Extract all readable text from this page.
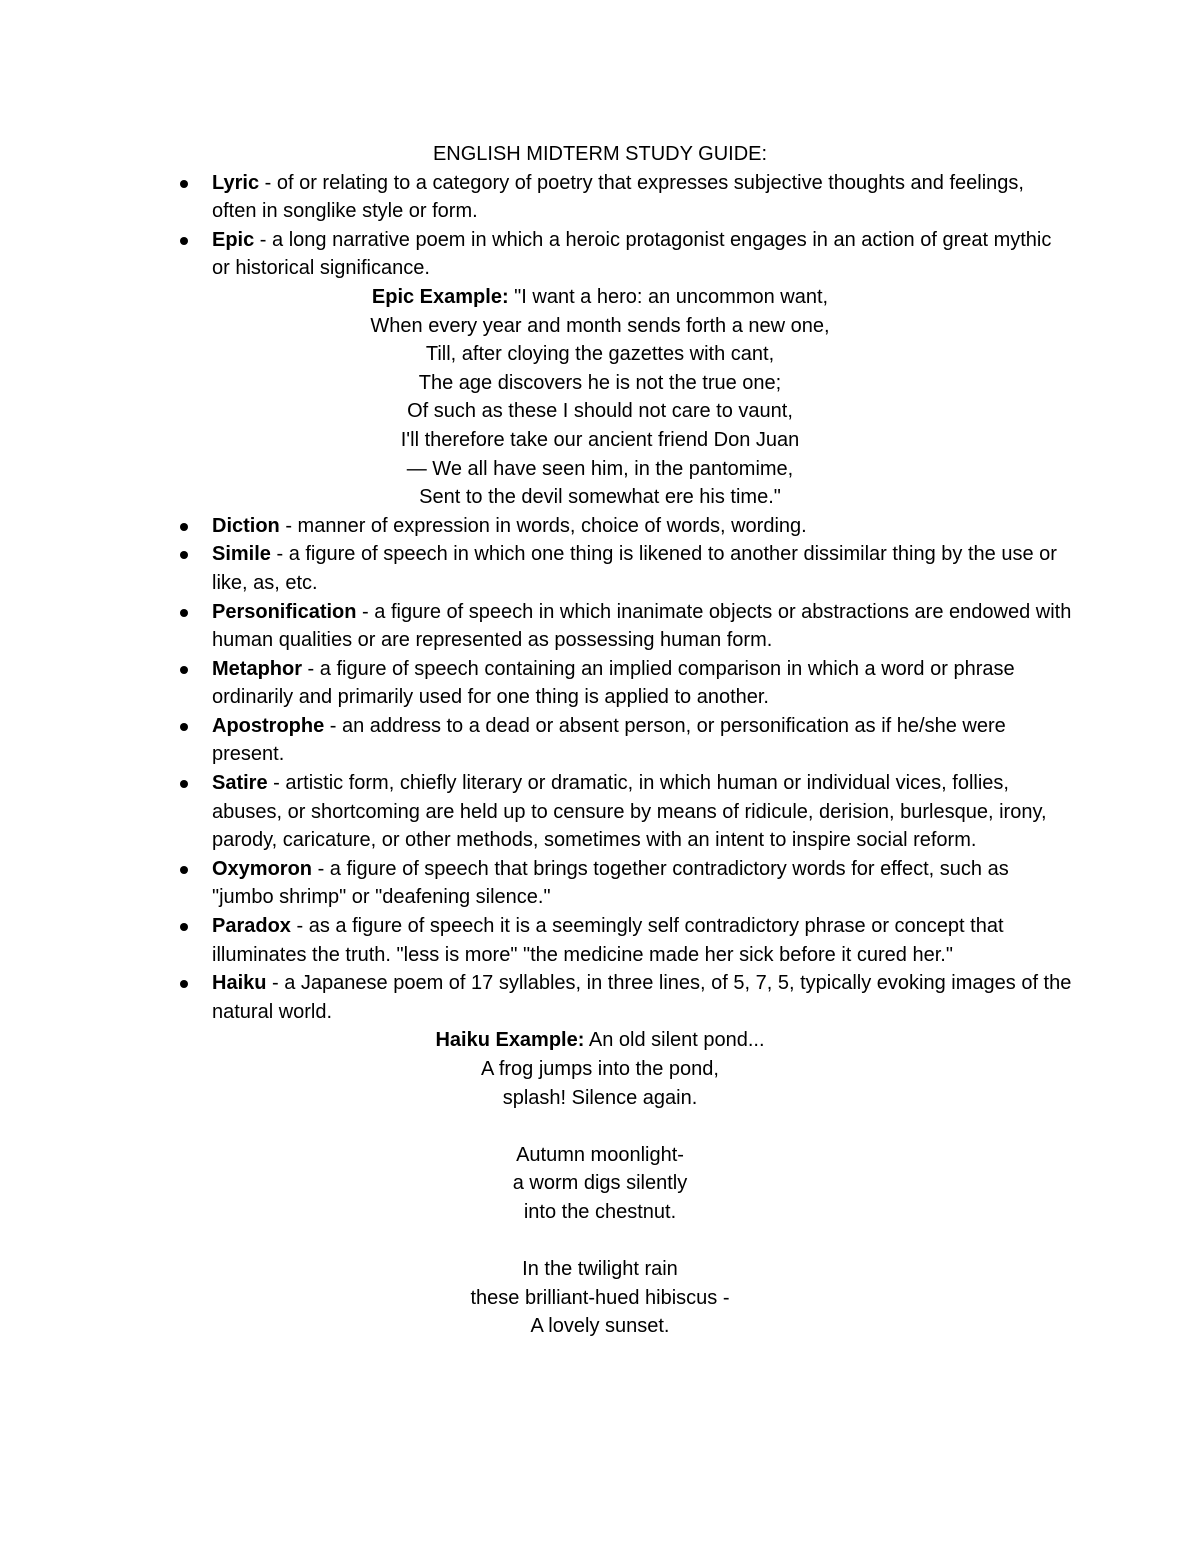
ENGLISH MIDTERM STUDY GUIDE:
Lyric - of or relating to a category of poetry that expresses subjective thoughts and feelings, often in songlike style or form.
Epic - a long narrative poem in which a heroic protagonist engages in an action of great mythic or historical significance.
Epic Example: "I want a hero: an uncommon want,
When every year and month sends forth a new one,
Till, after cloying the gazettes with cant,
The age discovers he is not the true one;
Of such as these I should not care to vaunt,
I'll therefore take our ancient friend Don Juan
— We all have seen him, in the pantomime,
Sent to the devil somewhat ere his time."
Diction - manner of expression in words, choice of words, wording.
Simile - a figure of speech in which one thing is likened to another dissimilar thing by the use or like, as, etc.
Personification - a figure of speech in which inanimate objects or abstractions are endowed with human qualities or are represented as possessing human form.
Metaphor - a figure of speech containing an implied comparison in which a word or phrase ordinarily and primarily used for one thing is applied to another.
Apostrophe - an address to a dead or absent person, or personification as if he/she were present.
Satire - artistic form, chiefly literary or dramatic, in which human or individual vices, follies, abuses, or shortcoming are held up to censure by means of ridicule, derision, burlesque, irony, parody, caricature, or other methods, sometimes with an intent to inspire social reform.
Oxymoron - a figure of speech that brings together contradictory words for effect, such as "jumbo shrimp" or "deafening silence."
Paradox - as a figure of speech it is a seemingly self contradictory phrase or concept that illuminates the truth. "less is more" "the medicine made her sick before it cured her."
Haiku - a Japanese poem of 17 syllables, in three lines, of 5, 7, 5, typically evoking images of the natural world.
Haiku Example: An old silent pond...
A frog jumps into the pond,
splash! Silence again.
Autumn moonlight-
a worm digs silently
into the chestnut.
In the twilight rain
these brilliant-hued hibiscus -
A lovely sunset.
